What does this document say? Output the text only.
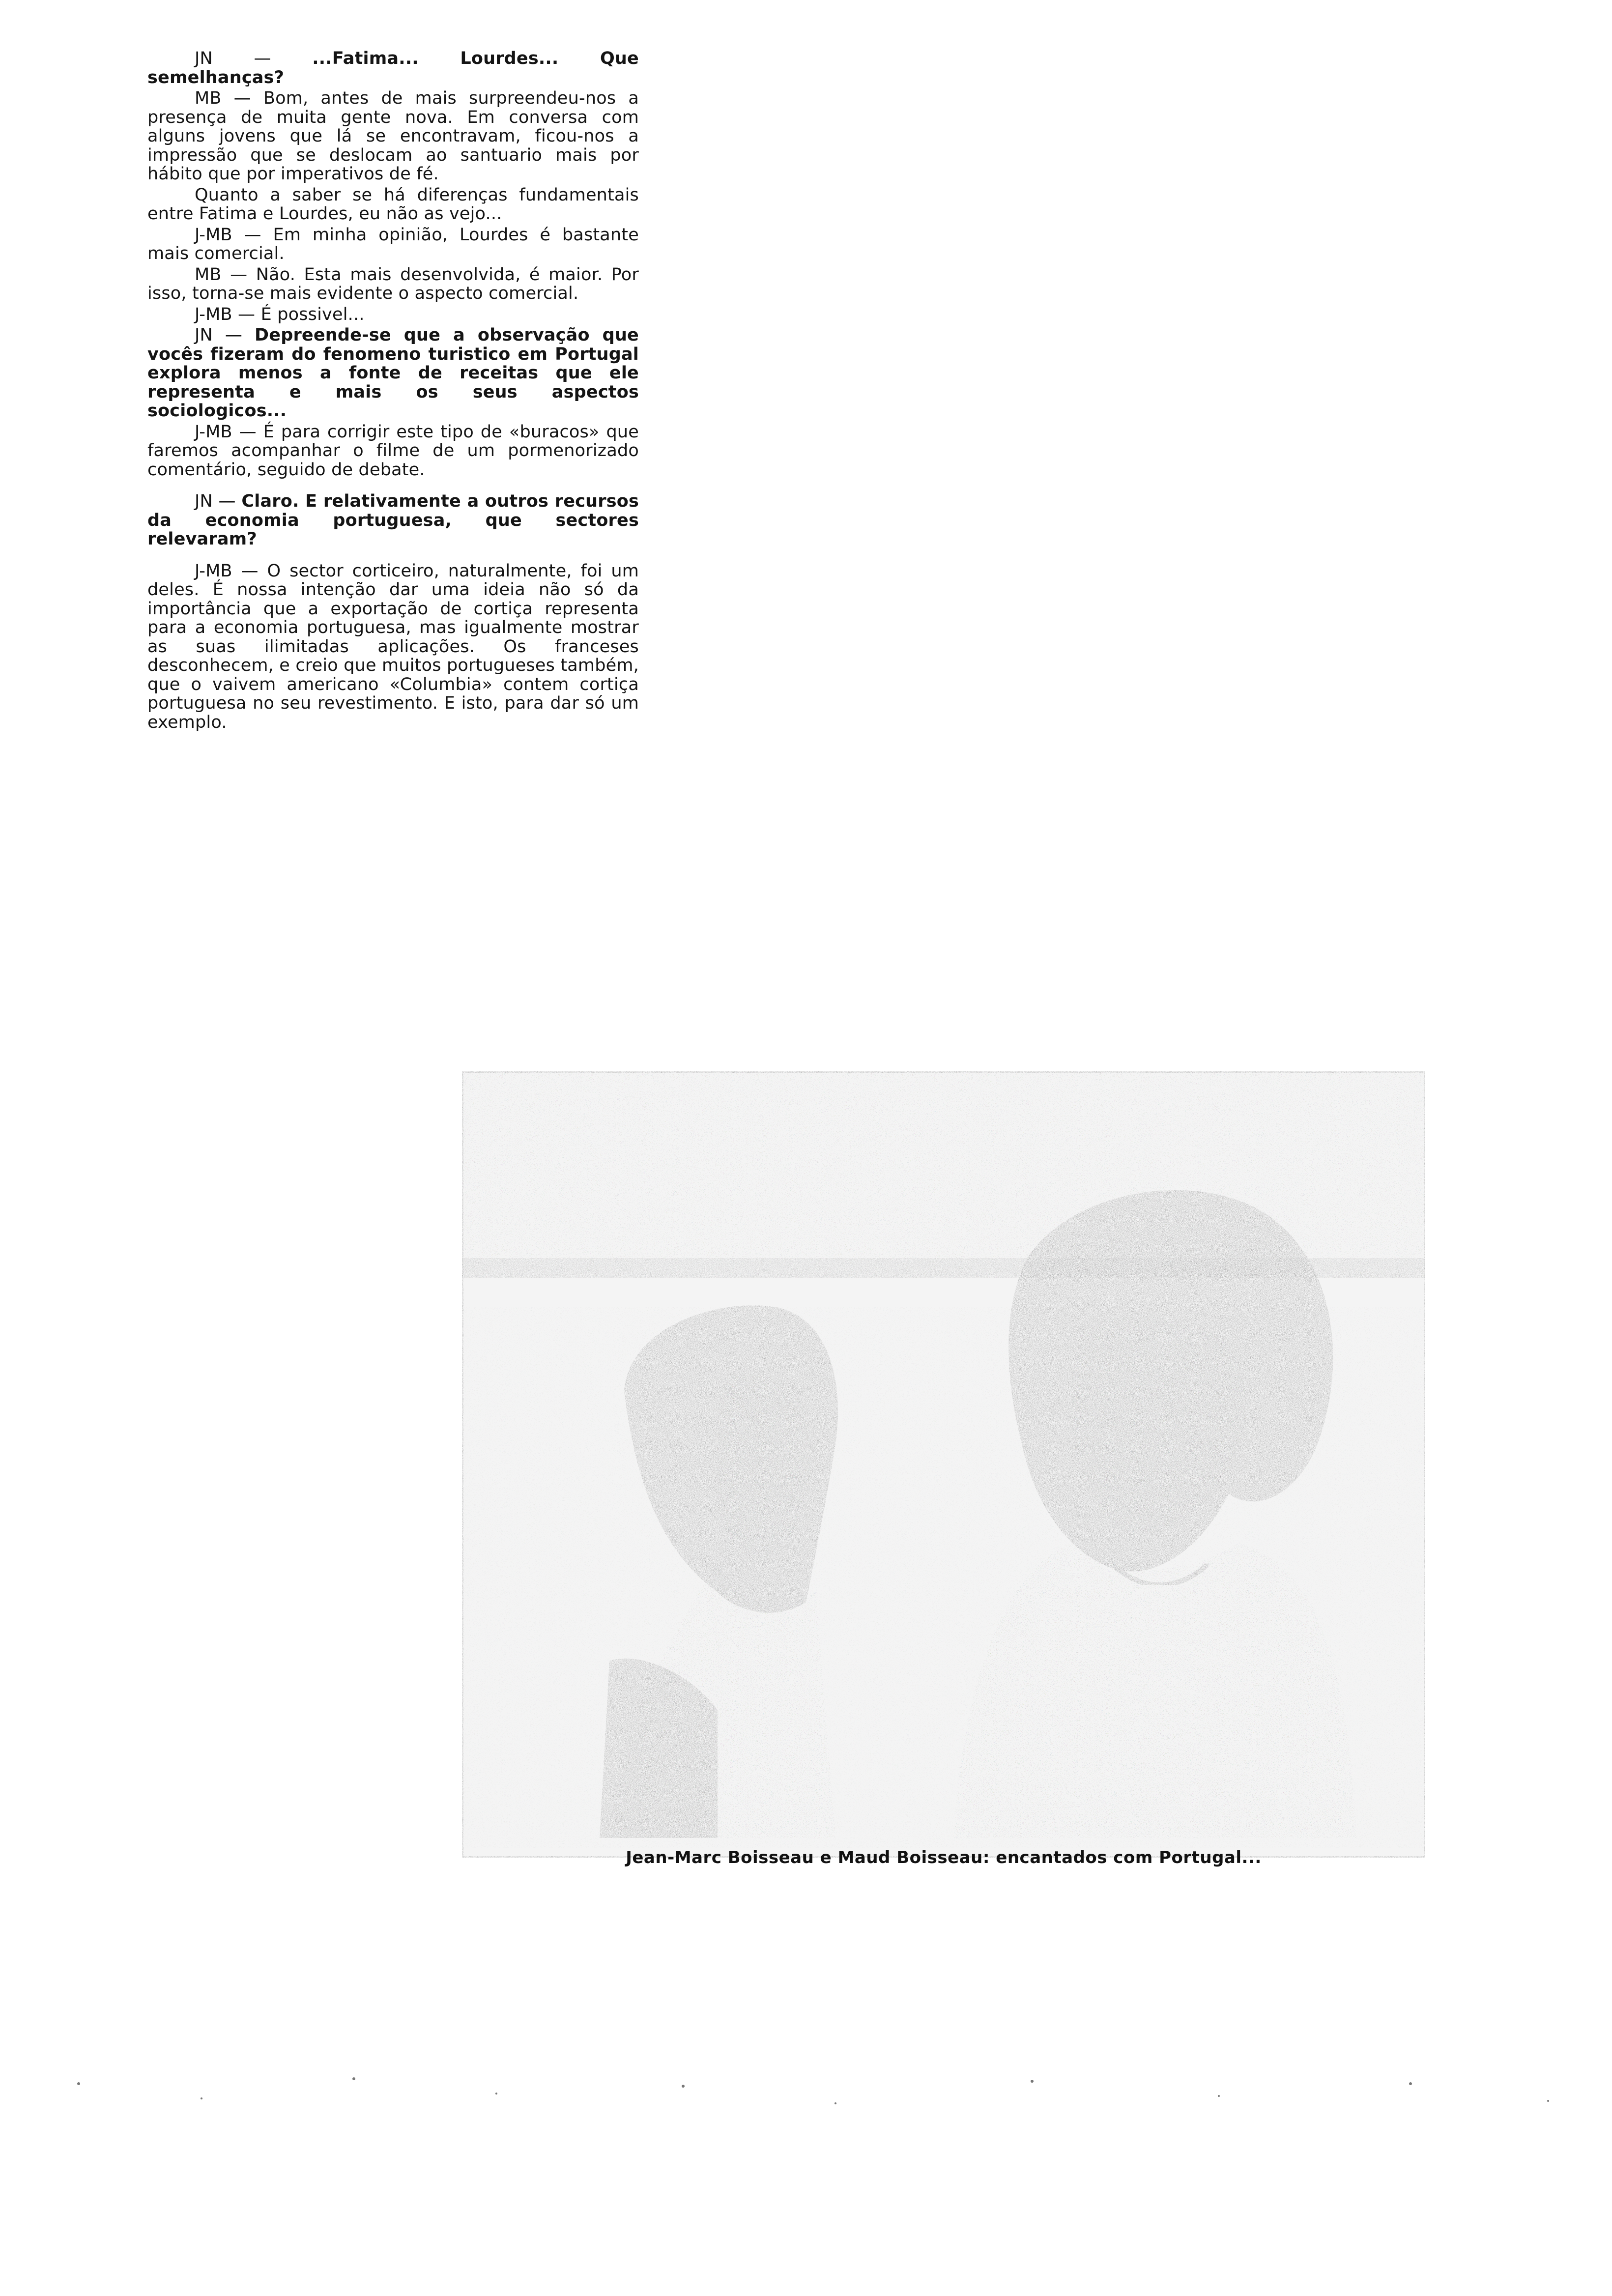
JN — ...Fatima... Lourdes... Que semelhanças?

MB — Bom, antes de mais surpreendeu-nos a presença de muita gente nova. Em conversa com alguns jovens que lá se encontravam, ficou-nos a impressão que se deslocam ao santuario mais por hábito que por imperativos de fé.

Quanto a saber se há diferenças fundamentais entre Fatima e Lourdes, eu não as vejo...

J-MB — Em minha opinião, Lourdes é bastante mais comercial.

MB — Não. Esta mais desenvolvida, é maior. Por isso, torna-se mais evidente o aspecto comercial.

J-MB — É possivel...

JN — Depreende-se que a observação que vocês fizeram do fenomeno turistico em Portugal explora menos a fonte de receitas que ele representa e mais os seus aspectos sociologicos...

J-MB — É para corrigir este tipo de «buracos» que faremos acompanhar o filme de um pormenorizado comentário, seguido de debate.

JN — Claro. E relativamente a outros recursos da economia portuguesa, que sectores relevaram?

J-MB — O sector corticeiro, naturalmente, foi um deles. É nossa intenção dar uma ideia não só da importância que a exportação de cortiça representa para a economia portuguesa, mas igualmente mostrar as suas ilimitadas aplicações. Os franceses desconhecem, e creio que muitos portugueses também, que o vaivem americano «Columbia» contem cortiça portuguesa no seu revestimento. E isto, para dar só um exemplo.

Jean-Marc Boisseau e Maud Boisseau: encantados com Portugal...
